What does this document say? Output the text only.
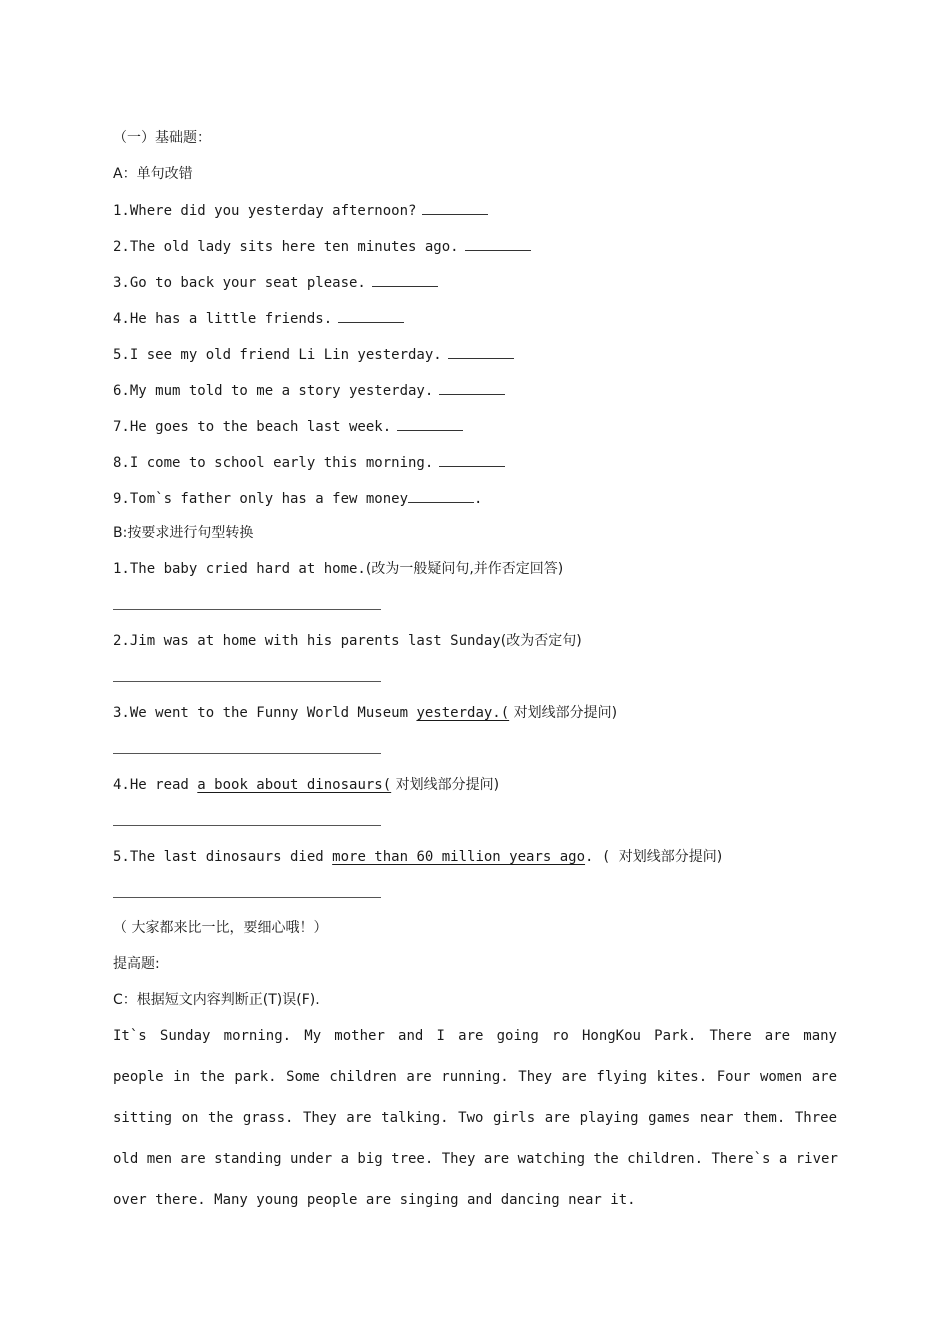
（一）基础题：
A：单句改错
1.Where did you yesterday afternoon?
2.The old lady sits here ten minutes ago.
3.Go to back your seat please.
4.He has a little friends.
5.I see my old friend Li Lin yesterday.
6.My mum told to me a story yesterday.
7.He goes to the beach last week.
8.I come to school early this morning.
9.Tom`s father only has a few money	.
B:按要求进行句型转换
1.The baby cried hard at home.(改为一般疑问句,并作否定回答)
2.Jim was at home with his parents last Sunday(改为否定句)
3.We went to the Funny World Museum yesterday.( 对划线部分提问)
4.He read a book about dinosaurs( 对划线部分提问)
5.The last dinosaurs died more than 60 million years ago. ( 对划线部分提问)
（ 大家都来比一比，要细心哦！）
提高题:
C：根据短文内容判断正(T)误(F).
It`s Sunday morning. My mother and I are going ro HongKou Park. There are many
people in the park. Some children are running. They are flying kites. Four women are
sitting on the grass. They are talking. Two girls are playing games near them. Three
old men are standing under a big tree. They are watching the children. There`s a river
over there. Many young people are singing and dancing near it.
